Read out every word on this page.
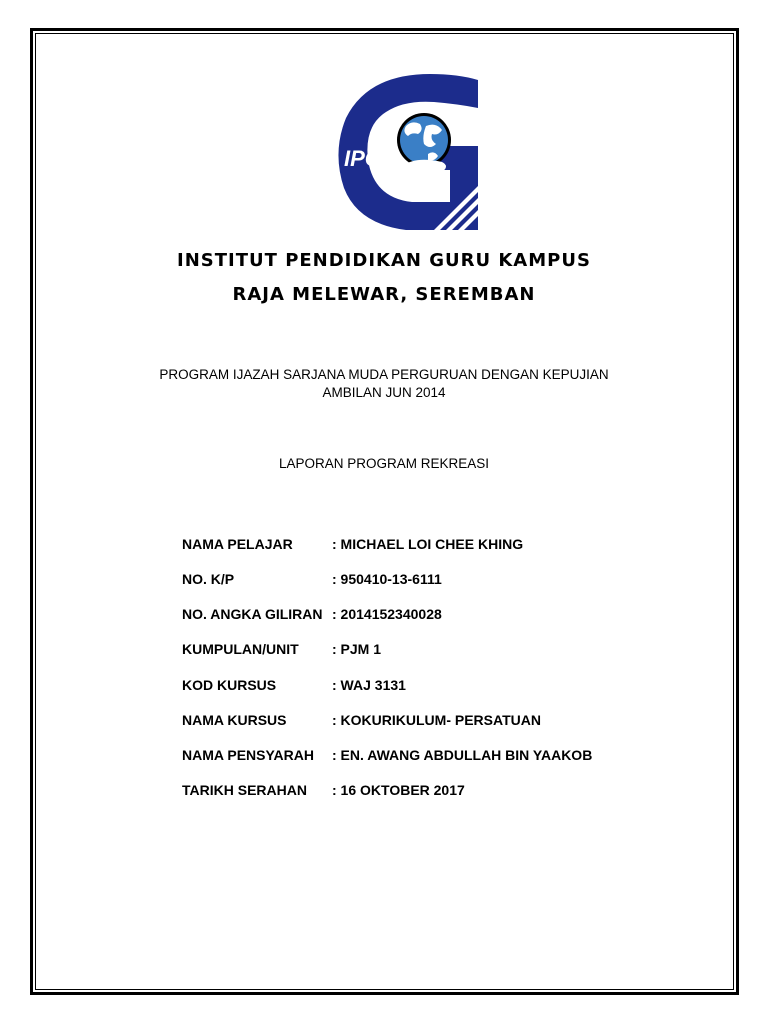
IPG
INSTITUT PENDIDIKAN GURU KAMPUS
RAJA MELEWAR, SEREMBAN
PROGRAM IJAZAH SARJANA MUDA PERGURUAN DENGAN KEPUJIAN
AMBILAN JUN 2014
LAPORAN PROGRAM REKREASI
NAMA PELAJAR	: MICHAEL LOI CHEE KHING
NO. K/P	: 950410-13-6111
NO. ANGKA GILIRAN : 2014152340028
KUMPULAN/UNIT : PJM 1
KOD KURSUS	: WAJ 3131
NAMA KURSUS	: KOKURIKULUM- PERSATUAN
NAMA PENSYARAH : EN. AWANG ABDULLAH BIN YAAKOB
TARIKH SERAHAN : 16 OKTOBER 2017
